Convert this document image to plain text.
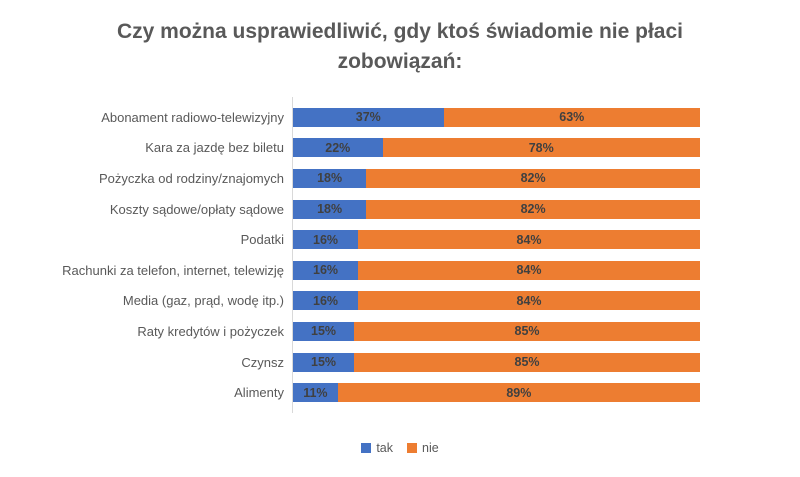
Czy można usprawiedliwić, gdy ktoś świadomie nie płaci
zobowiązań:
Abonament radiowo-telewizyjny	37%	63%
Kara za jazdę bez biletu	22%	78%
Pożyczka od rodziny/znajomych	18%	82%
Koszty sądowe/opłaty sądowe	18%	82%
Podatki	16%	84%
Rachunki za telefon, internet, telewizję	16%	84%
Media (gaz, prąd, wodę itp.)	16%	84%
Raty kredytów i pożyczek	15%	85%
Czynsz	15%	85%
Alimenty	11%	89%
tak nie
